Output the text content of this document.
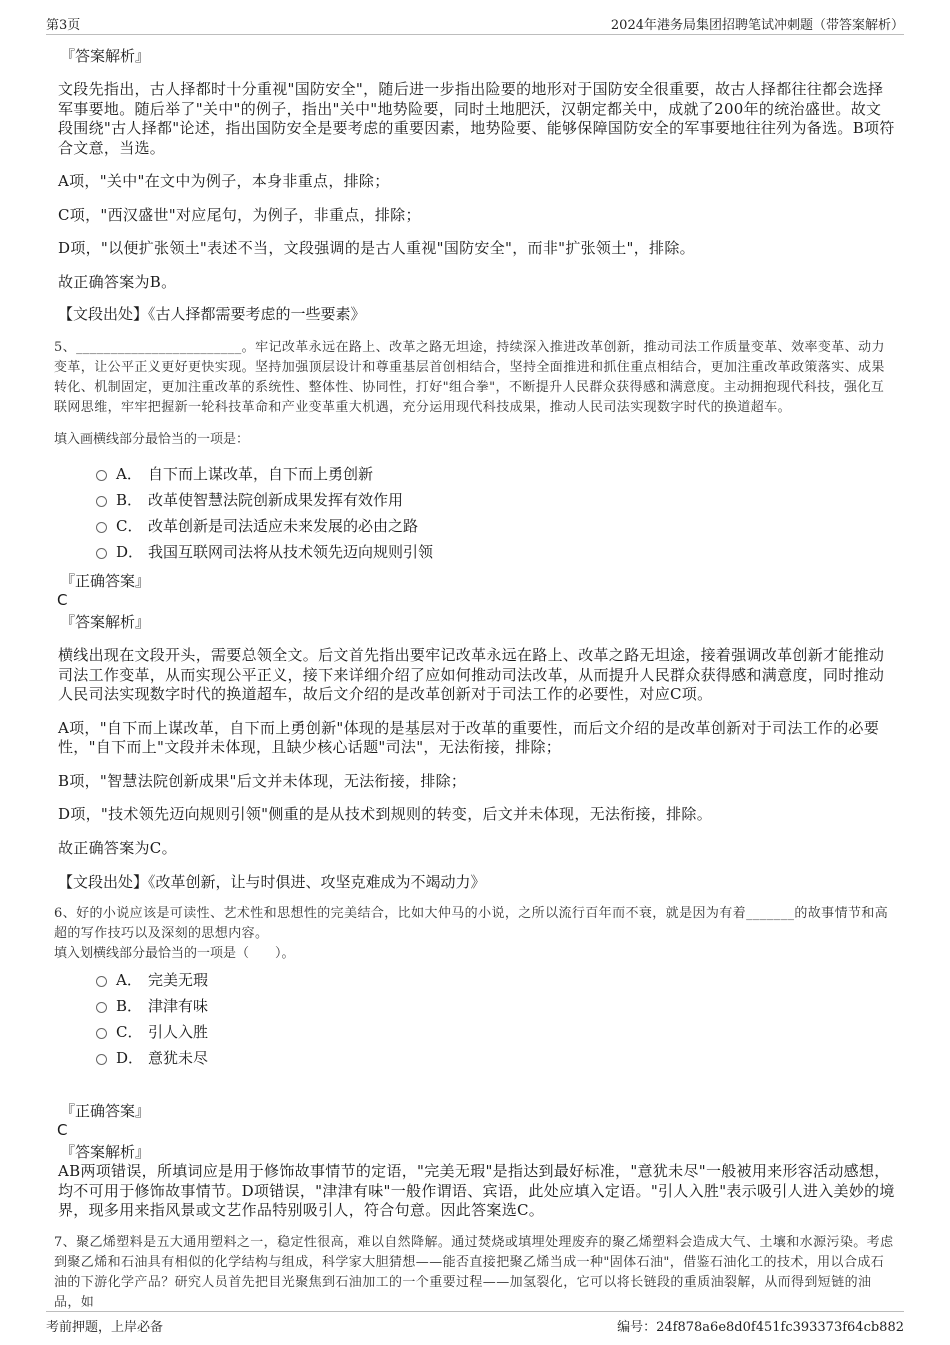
第3页	2024年港务局集团招聘笔试冲刺题（带答案解析）
『答案解析』
文段先指出，古人择都时十分重视"国防安全"，随后进一步指出险要的地形对于国防安全很重要，故古人择都往往都会选择军事要地。随后举了"关中"的例子，指出"关中"地势险要，同时土地肥沃，汉朝定都关中，成就了200年的统治盛世。故文段围绕"古人择都"论述，指出国防安全是要考虑的重要因素，地势险要、能够保障国防安全的军事要地往往列为备选。B项符合文意，当选。
A项，"关中"在文中为例子，本身非重点，排除；
C项，"西汉盛世"对应尾句，为例子，非重点，排除；
D项，"以便扩张领土"表述不当，文段强调的是古人重视"国防安全"，而非"扩张领土"，排除。
故正确答案为B。
【文段出处】《古人择都需要考虑的一些要素》
5、________________________。牢记改革永远在路上、改革之路无坦途，持续深入推进改革创新，推动司法工作质量变革、效率变革、动力变革，让公平正义更好更快实现。坚持加强顶层设计和尊重基层首创相结合，坚持全面推进和抓住重点相结合，更加注重改革政策落实、成果转化、机制固定，更加注重改革的系统性、整体性、协同性，打好"组合拳"，不断提升人民群众获得感和满意度。主动拥抱现代科技，强化互联网思维，牢牢把握新一轮科技革命和产业变革重大机遇，充分运用现代科技成果，推动人民司法实现数字时代的换道超车。
填入画横线部分最恰当的一项是：
A． 自下而上谋改革，自下而上勇创新
B． 改革使智慧法院创新成果发挥有效作用
C． 改革创新是司法适应未来发展的必由之路
D． 我国互联网司法将从技术领先迈向规则引领
『正确答案』
C
『答案解析』
横线出现在文段开头，需要总领全文。后文首先指出要牢记改革永远在路上、改革之路无坦途，接着强调改革创新才能推动司法工作变革，从而实现公平正义，接下来详细介绍了应如何推动司法改革，从而提升人民群众获得感和满意度，同时推动人民司法实现数字时代的换道超车，故后文介绍的是改革创新对于司法工作的必要性，对应C项。
A项，"自下而上谋改革，自下而上勇创新"体现的是基层对于改革的重要性，而后文介绍的是改革创新对于司法工作的必要性，"自下而上"文段并未体现，且缺少核心话题"司法"，无法衔接，排除；
B项，"智慧法院创新成果"后文并未体现，无法衔接，排除；
D项，"技术领先迈向规则引领"侧重的是从技术到规则的转变，后文并未体现，无法衔接，排除。
故正确答案为C。
【文段出处】《改革创新，让与时俱进、攻坚克难成为不竭动力》
6、好的小说应该是可读性、艺术性和思想性的完美结合，比如大仲马的小说，之所以流行百年而不衰，就是因为有着_______的故事情节和高超的写作技巧以及深刻的思想内容。
填入划横线部分最恰当的一项是（　　）。
A． 完美无瑕
B． 津津有味
C． 引人入胜
D． 意犹未尽
『正确答案』
C
『答案解析』
AB两项错误，所填词应是用于修饰故事情节的定语，"完美无瑕"是指达到最好标准，"意犹未尽"一般被用来形容活动感想，均不可用于修饰故事情节。D项错误，"津津有味"一般作谓语、宾语，此处应填入定语。"引人入胜"表示吸引人进入美妙的境界，现多用来指风景或文艺作品特别吸引人，符合句意。因此答案选C。
7、聚乙烯塑料是五大通用塑料之一，稳定性很高，难以自然降解。通过焚烧或填埋处理废弃的聚乙烯塑料会造成大气、土壤和水源污染。考虑到聚乙烯和石油具有相似的化学结构与组成，科学家大胆猜想——能否直接把聚乙烯当成一种"固体石油"，借鉴石油化工的技术，用以合成石油的下游化学产品？研究人员首先把目光聚焦到石油加工的一个重要过程——加氢裂化，它可以将长链段的重质油裂解，从而得到短链的油品，如
考前押题，上岸必备	编号：24f878a6e8d0f451fc393373f64cb882
